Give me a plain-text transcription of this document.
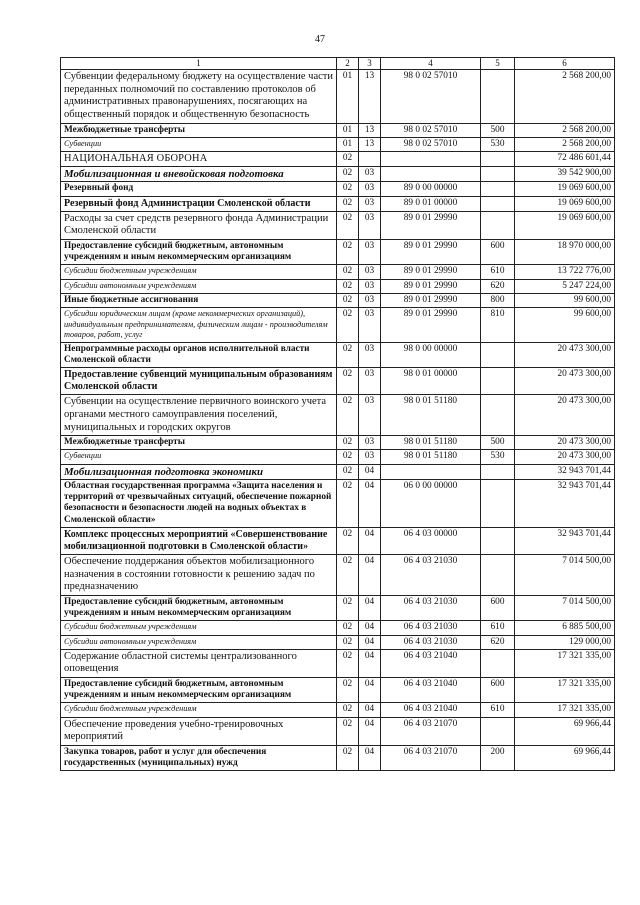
47
1	2	3	4	5	6
Субвенции федеральному бюджету на осуществление части переданных полномочий по составлению протоколов об административных правонарушениях, посягающих на общественный порядок и общественную безопасность	01	13	98 0 02 57010		2 568 200,00
Межбюджетные трансферты	01	13	98 0 02 57010	500	2 568 200,00
Субвенции	01	13	98 0 02 57010	530	2 568 200,00
НАЦИОНАЛЬНАЯ ОБОРОНА	02				72 486 601,44
Мобилизационная и вневойсковая подготовка	02	03			39 542 900,00
Резервный фонд	02	03	89 0 00 00000		19 069 600,00
Резервный фонд Администрации Смоленской области	02	03	89 0 01 00000		19 069 600,00
Расходы за счет средств резервного фонда Администрации Смоленской области	02	03	89 0 01 29990		19 069 600,00
Предоставление субсидий бюджетным, автономным учреждениям и иным некоммерческим организациям	02	03	89 0 01 29990	600	18 970 000,00
Субсидии бюджетным учреждениям	02	03	89 0 01 29990	610	13 722 776,00
Субсидии автономным учреждениям	02	03	89 0 01 29990	620	5 247 224,00
Иные бюджетные ассигнования	02	03	89 0 01 29990	800	99 600,00
Субсидии юридическим лицам (кроме некоммерческих организаций), индивидуальным предпринимателям, физическим лицам - производителям товаров, работ, услуг	02	03	89 0 01 29990	810	99 600,00
Непрограммные расходы органов исполнительной власти Смоленской области	02	03	98 0 00 00000		20 473 300,00
Предоставление субвенций муниципальным образованиям Смоленской области	02	03	98 0 01 00000		20 473 300,00
Субвенции на осуществление первичного воинского учета органами местного самоуправления поселений, муниципальных и городских округов	02	03	98 0 01 51180		20 473 300,00
Межбюджетные трансферты	02	03	98 0 01 51180	500	20 473 300,00
Субвенции	02	03	98 0 01 51180	530	20 473 300,00
Мобилизационная подготовка экономики	02	04			32 943 701,44
Областная государственная программа «Защита населения и территорий от чрезвычайных ситуаций, обеспечение пожарной безопасности и безопасности людей на водных объектах в Смоленской области»	02	04	06 0 00 00000		32 943 701,44
Комплекс процессных мероприятий «Совершенствование мобилизационной подготовки в Смоленской области»	02	04	06 4 03 00000		32 943 701,44
Обеспечение поддержания объектов мобилизационного назначения в состоянии готовности к решению задач по предназначению	02	04	06 4 03 21030		7 014 500,00
Предоставление субсидий бюджетным, автономным учреждениям и иным некоммерческим организациям	02	04	06 4 03 21030	600	7 014 500,00
Субсидии бюджетным учреждениям	02	04	06 4 03 21030	610	6 885 500,00
Субсидии автономным учреждениям	02	04	06 4 03 21030	620	129 000,00
Содержание областной системы централизованного оповещения	02	04	06 4 03 21040		17 321 335,00
Предоставление субсидий бюджетным, автономным учреждениям и иным некоммерческим организациям	02	04	06 4 03 21040	600	17 321 335,00
Субсидии бюджетным учреждениям	02	04	06 4 03 21040	610	17 321 335,00
Обеспечение проведения учебно-тренировочных мероприятий	02	04	06 4 03 21070		69 966,44
Закупка товаров, работ и услуг для обеспечения государственных (муниципальных) нужд	02	04	06 4 03 21070	200	69 966,44
